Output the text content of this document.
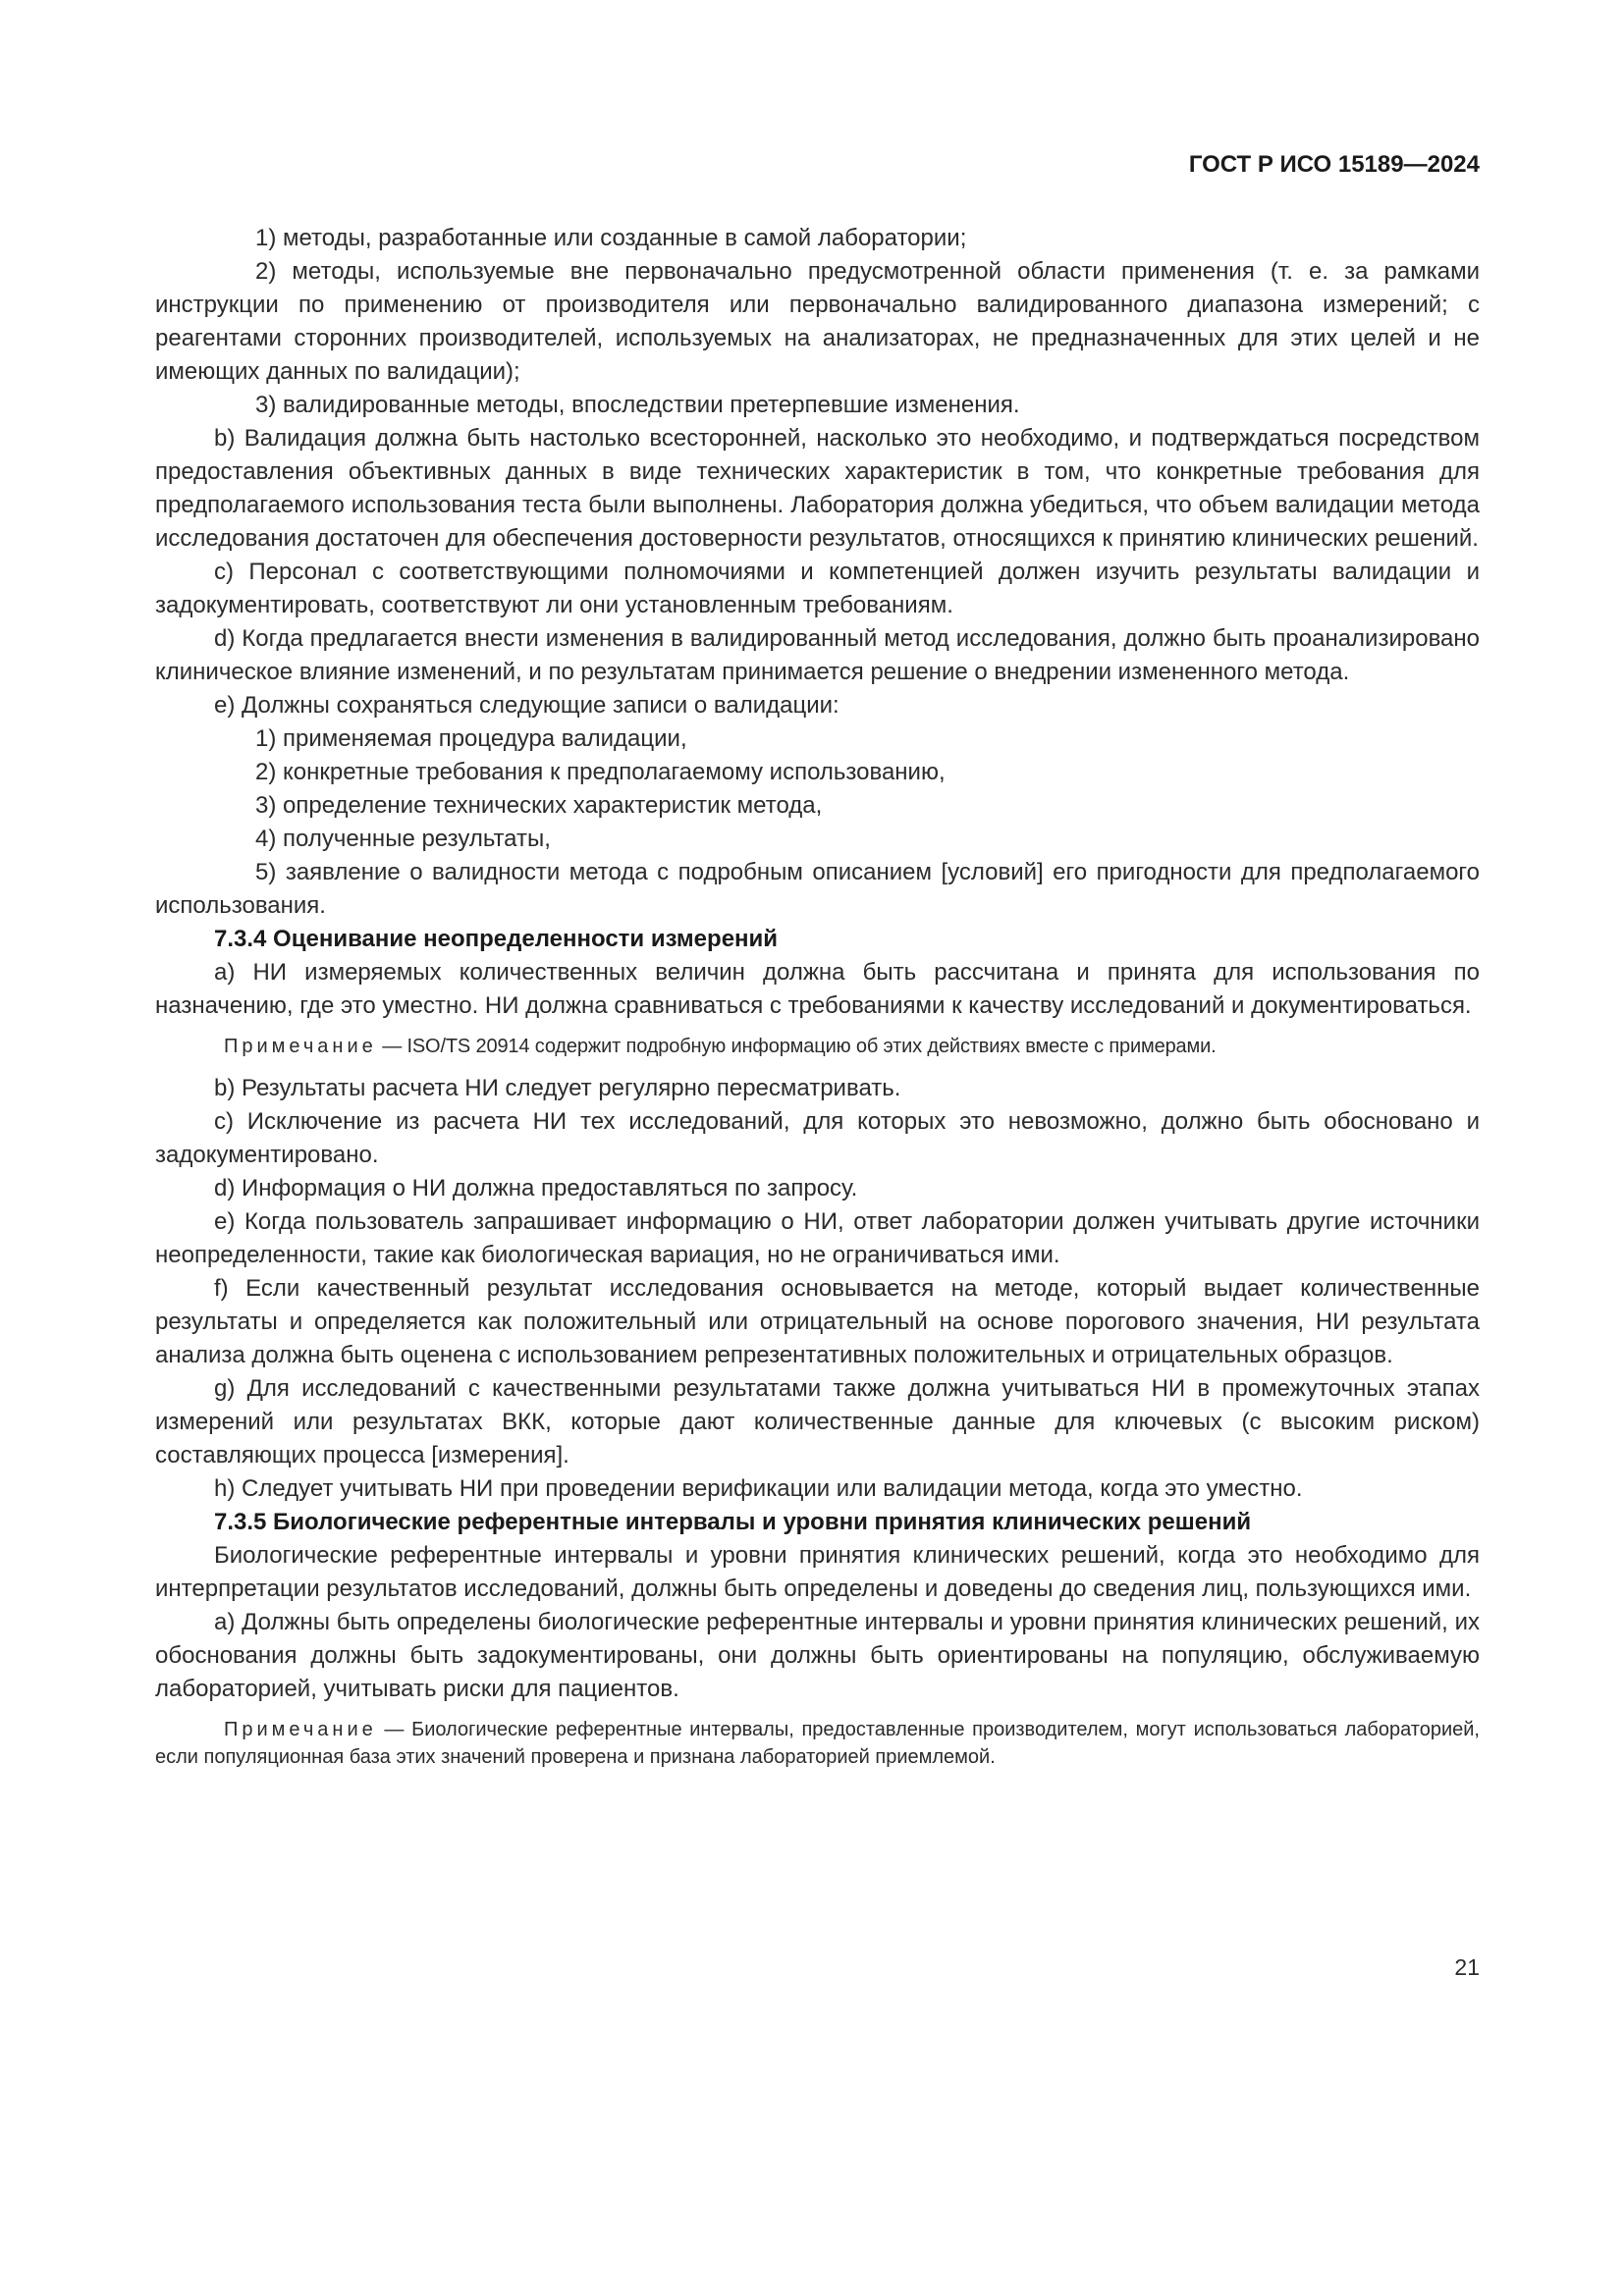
ГОСТ Р ИСО 15189—2024

1) методы, разработанные или созданные в самой лаборатории;

2) методы, используемые вне первоначально предусмотренной области применения (т. е. за рамками инструкции по применению от производителя или первоначально валидированного диапазона измерений; с реагентами сторонних производителей, используемых на анализаторах, не предназначенных для этих целей и не имеющих данных по валидации);

3) валидированные методы, впоследствии претерпевшие изменения.

b) Валидация должна быть настолько всесторонней, насколько это необходимо, и подтверждаться посредством предоставления объективных данных в виде технических характеристик в том, что конкретные требования для предполагаемого использования теста были выполнены. Лаборатория должна убедиться, что объем валидации метода исследования достаточен для обеспечения достоверности результатов, относящихся к принятию клинических решений.

c) Персонал с соответствующими полномочиями и компетенцией должен изучить результаты валидации и задокументировать, соответствуют ли они установленным требованиям.

d) Когда предлагается внести изменения в валидированный метод исследования, должно быть проанализировано клиническое влияние изменений, и по результатам принимается решение о внедрении измененного метода.

e) Должны сохраняться следующие записи о валидации:

1) применяемая процедура валидации,

2) конкретные требования к предполагаемому использованию,

3) определение технических характеристик метода,

4) полученные результаты,

5) заявление о валидности метода с подробным описанием [условий] его пригодности для предполагаемого использования.

7.3.4 Оценивание неопределенности измерений

a) НИ измеряемых количественных величин должна быть рассчитана и принята для использования по назначению, где это уместно. НИ должна сравниваться с требованиями к качеству исследований и документироваться.

Примечание — ISO/TS 20914 содержит подробную информацию об этих действиях вместе с примерами.

b) Результаты расчета НИ следует регулярно пересматривать.

c) Исключение из расчета НИ тех исследований, для которых это невозможно, должно быть обосновано и задокументировано.

d) Информация о НИ должна предоставляться по запросу.

e) Когда пользователь запрашивает информацию о НИ, ответ лаборатории должен учитывать другие источники неопределенности, такие как биологическая вариация, но не ограничиваться ими.

f) Если качественный результат исследования основывается на методе, который выдает количественные результаты и определяется как положительный или отрицательный на основе порогового значения, НИ результата анализа должна быть оценена с использованием репрезентативных положительных и отрицательных образцов.

g) Для исследований с качественными результатами также должна учитываться НИ в промежуточных этапах измерений или результатах ВКК, которые дают количественные данные для ключевых (с высоким риском) составляющих процесса [измерения].

h) Следует учитывать НИ при проведении верификации или валидации метода, когда это уместно.

7.3.5 Биологические референтные интервалы и уровни принятия клинических решений

Биологические референтные интервалы и уровни принятия клинических решений, когда это необходимо для интерпретации результатов исследований, должны быть определены и доведены до сведения лиц, пользующихся ими.

a) Должны быть определены биологические референтные интервалы и уровни принятия клинических решений, их обоснования должны быть задокументированы, они должны быть ориентированы на популяцию, обслуживаемую лабораторией, учитывать риски для пациентов.

Примечание — Биологические референтные интервалы, предоставленные производителем, могут использоваться лабораторией, если популяционная база этих значений проверена и признана лабораторией приемлемой.

21
